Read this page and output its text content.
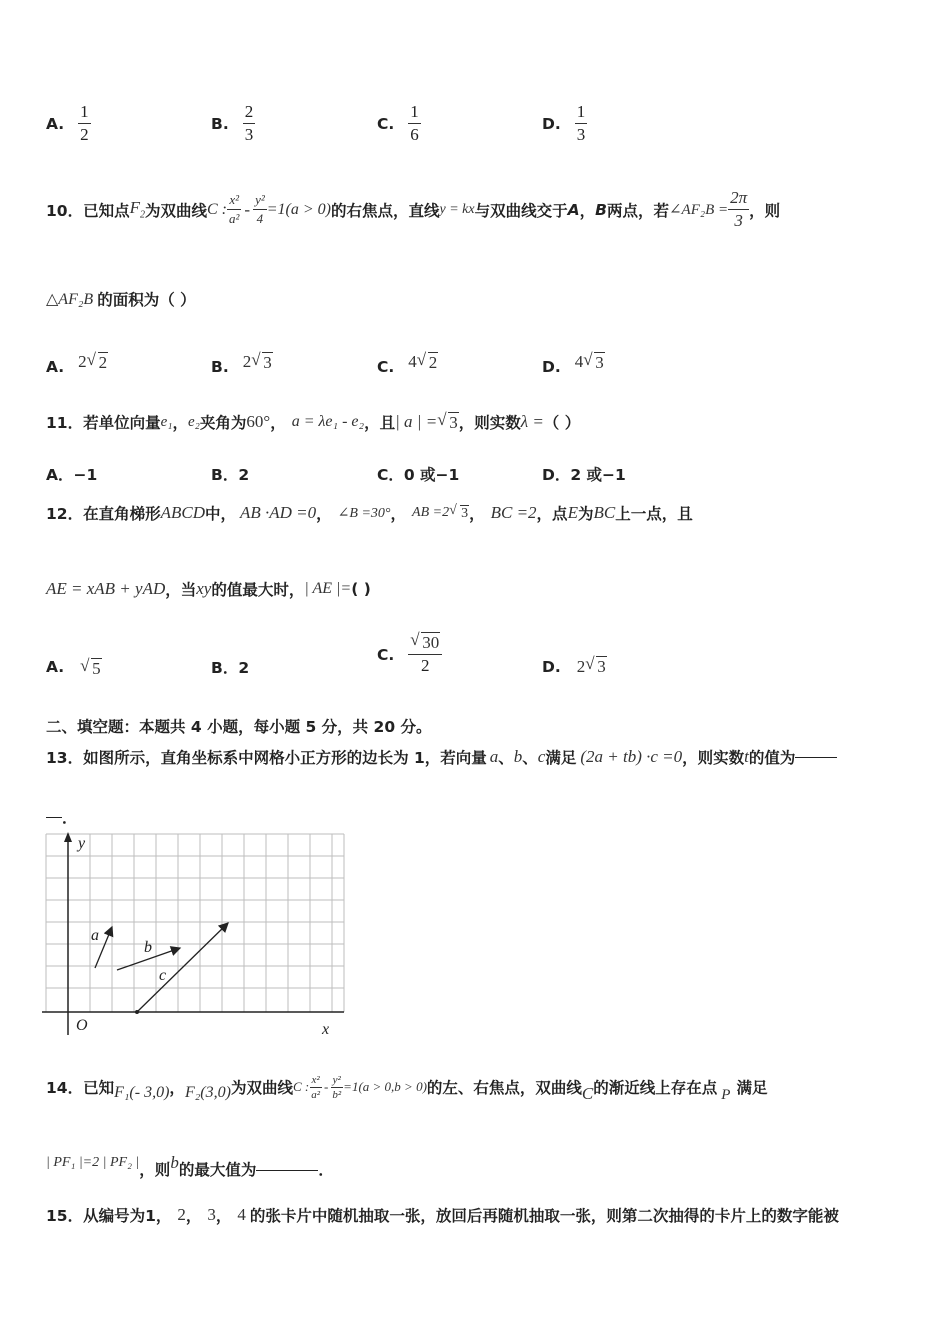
A. $\frac{1}{2}$	B. $\frac{2}{3}$	C. $\frac{1}{6}$	D. $\frac{1}{3}$
10． 已知点 $F_2$ 为双曲线 C : $\frac{\text{x²}}{\text{a²}} - \frac{\text{y²}}{4} =1(a > 0)$ 的右焦点，直线 y = kx 与双曲线交于 A ， B 两点，若 ∠AF₂B = $\frac{2\pi}{3}$ ，则
△AF₂B 的面积为（ ）
A. 2 √ 2	B. 2 √ 3	C. 4 √ 2	D. 4 √ 3
11． 若单位向量 e₁ ， e₂ 夹角为 60° ， a = λe₁ - e₂ ，且 | a | = √ 3 ，则实数 λ = （ ）
A．−1	B．2	C．0 或−1	D．2 或−1
12． 在直角梯形 ABCD 中， AB ·AD =0 ， ∠B =30° ， AB =2 √ 3 ， BC =2 ，点 E 为 BC 上一点，且
AE = xAB + yAD ，当 xy 的值最大时， | AE |= ( )
A.	√ 5	B．2
C. √ $\frac{30}{2}$	D. 2 √ 3
二、填空题：本题共 4 小题，每小题 5 分，共 20 分。
13． 如图所示，直角坐标系中网格小正方形的边长为 1，若向量 a 、 b 、 c 满足 (2a + tb) ·c =0 ，则实数 t 的值为
．
y
x
O
a
b
c
14． 已知 F₁(- 3,0) ， F₂(3,0) 为双曲线 C : $\frac{\text{x²}}{\text{a²}} - \frac{\text{y²}}{\text{b²}} =1(a > 0,b > 0)$ 的左、右焦点，双曲线 C 的渐近线上存在点 P 满足
| PF₁ |=2 | PF₂ | ，则 b 的最大值为	．
15． 从编号为1， 2 ， 3 ， 4 的张卡片中随机抽取一张，放回后再随机抽取一张，则第二次抽得的卡片上的数字能被
